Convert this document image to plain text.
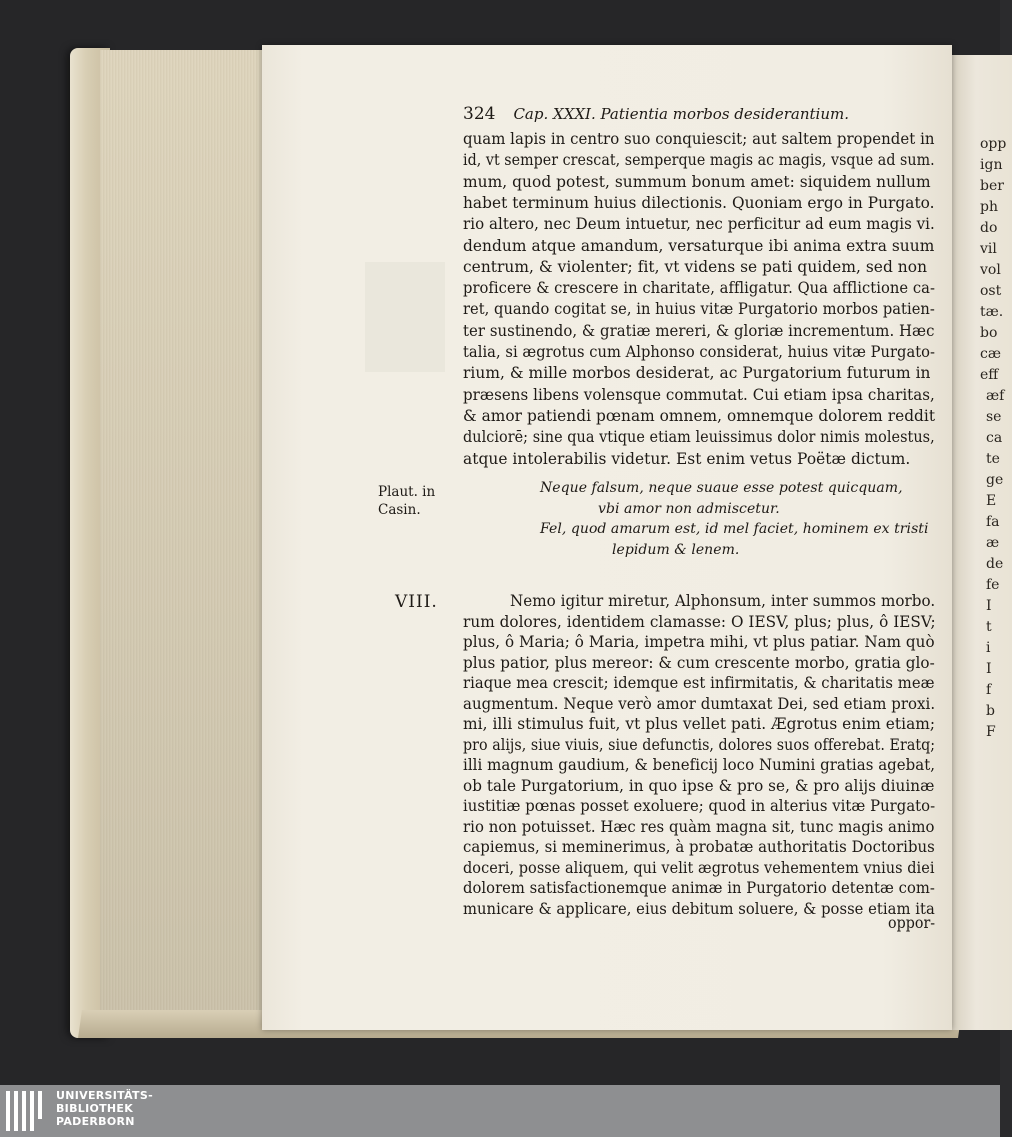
324 Cap. XXXI. Patientia morbos desiderantium.
quam lapis in centro suo conquiescit; aut saltem propendet in
id, vt semper crescat, semperque magis ac magis, vsque ad sum.
mum, quod potest, summum bonum amet: siquidem nullum
habet terminum huius dilectionis. Quoniam ergo in Purgato.
rio altero, nec Deum intuetur, nec perficitur ad eum magis vi.
dendum atque amandum, versaturque ibi anima extra suum
centrum, & violenter; fit, vt videns se pati quidem, sed non
proficere & crescere in charitate, affligatur. Qua afflictione ca-
ret, quando cogitat se, in huius vitæ Purgatorio morbos patien-
ter sustinendo, & gratiæ mereri, & gloriæ incrementum. Hæc
talia, si ægrotus cum Alphonso considerat, huius vitæ Purgato-
rium, & mille morbos desiderat, ac Purgatorium futurum in
præsens libens volensque commutat. Cui etiam ipsa charitas,
& amor patiendi pœnam omnem, omnemque dolorem reddit
dulciorē; sine qua vtique etiam leuissimus dolor nimis molestus,
atque intolerabilis videtur. Est enim vetus Poëtæ dictum.
Neque falsum, neque suaue esse potest quicquam,
vbi amor non admiscetur.
Fel, quod amarum est, id mel faciet, hominem ex tristi
lepidum & lenem.
Plaut. in
Casin.
VIII.	Nemo igitur miretur, Alphonsum, inter summos morbo.
rum dolores, identidem clamasse: O IESV, plus; plus, ô IESV;
plus, ô Maria; ô Maria, impetra mihi, vt plus patiar. Nam quò
plus patior, plus mereor: & cum crescente morbo, gratia glo-
riaque mea crescit; idemque est infirmitatis, & charitatis meæ
augmentum. Neque verò amor dumtaxat Dei, sed etiam proxi.
mi, illi stimulus fuit, vt plus vellet pati. Ægrotus enim etiam;
pro alijs, siue viuis, siue defunctis, dolores suos offerebat. Eratq;
illi magnum gaudium, & beneficij loco Numini gratias agebat,
ob tale Purgatorium, in quo ipse & pro se, & pro alijs diuinæ
iustitiæ pœnas posset exoluere; quod in alterius vitæ Purgato-
rio non potuisset. Hæc res quàm magna sit, tunc magis animo
capiemus, si meminerimus, à probatæ authoritatis Doctoribus
doceri, posse aliquem, qui velit ægrotus vehementem vnius diei
dolorem satisfactionemque animæ in Purgatorio detentæ com-
municare & applicare, eius debitum soluere, & posse etiam ita
oppor-
opp
ign
ber
ph
do
vil
vol
ost
tæ.
bo
cæ
eff
æf
se
ca
te
ge
E
fa
æ
de
fe
I
t
i
I
f
b
F
UNIVERSITÄTS-
BIBLIOTHEK
PADERBORN
